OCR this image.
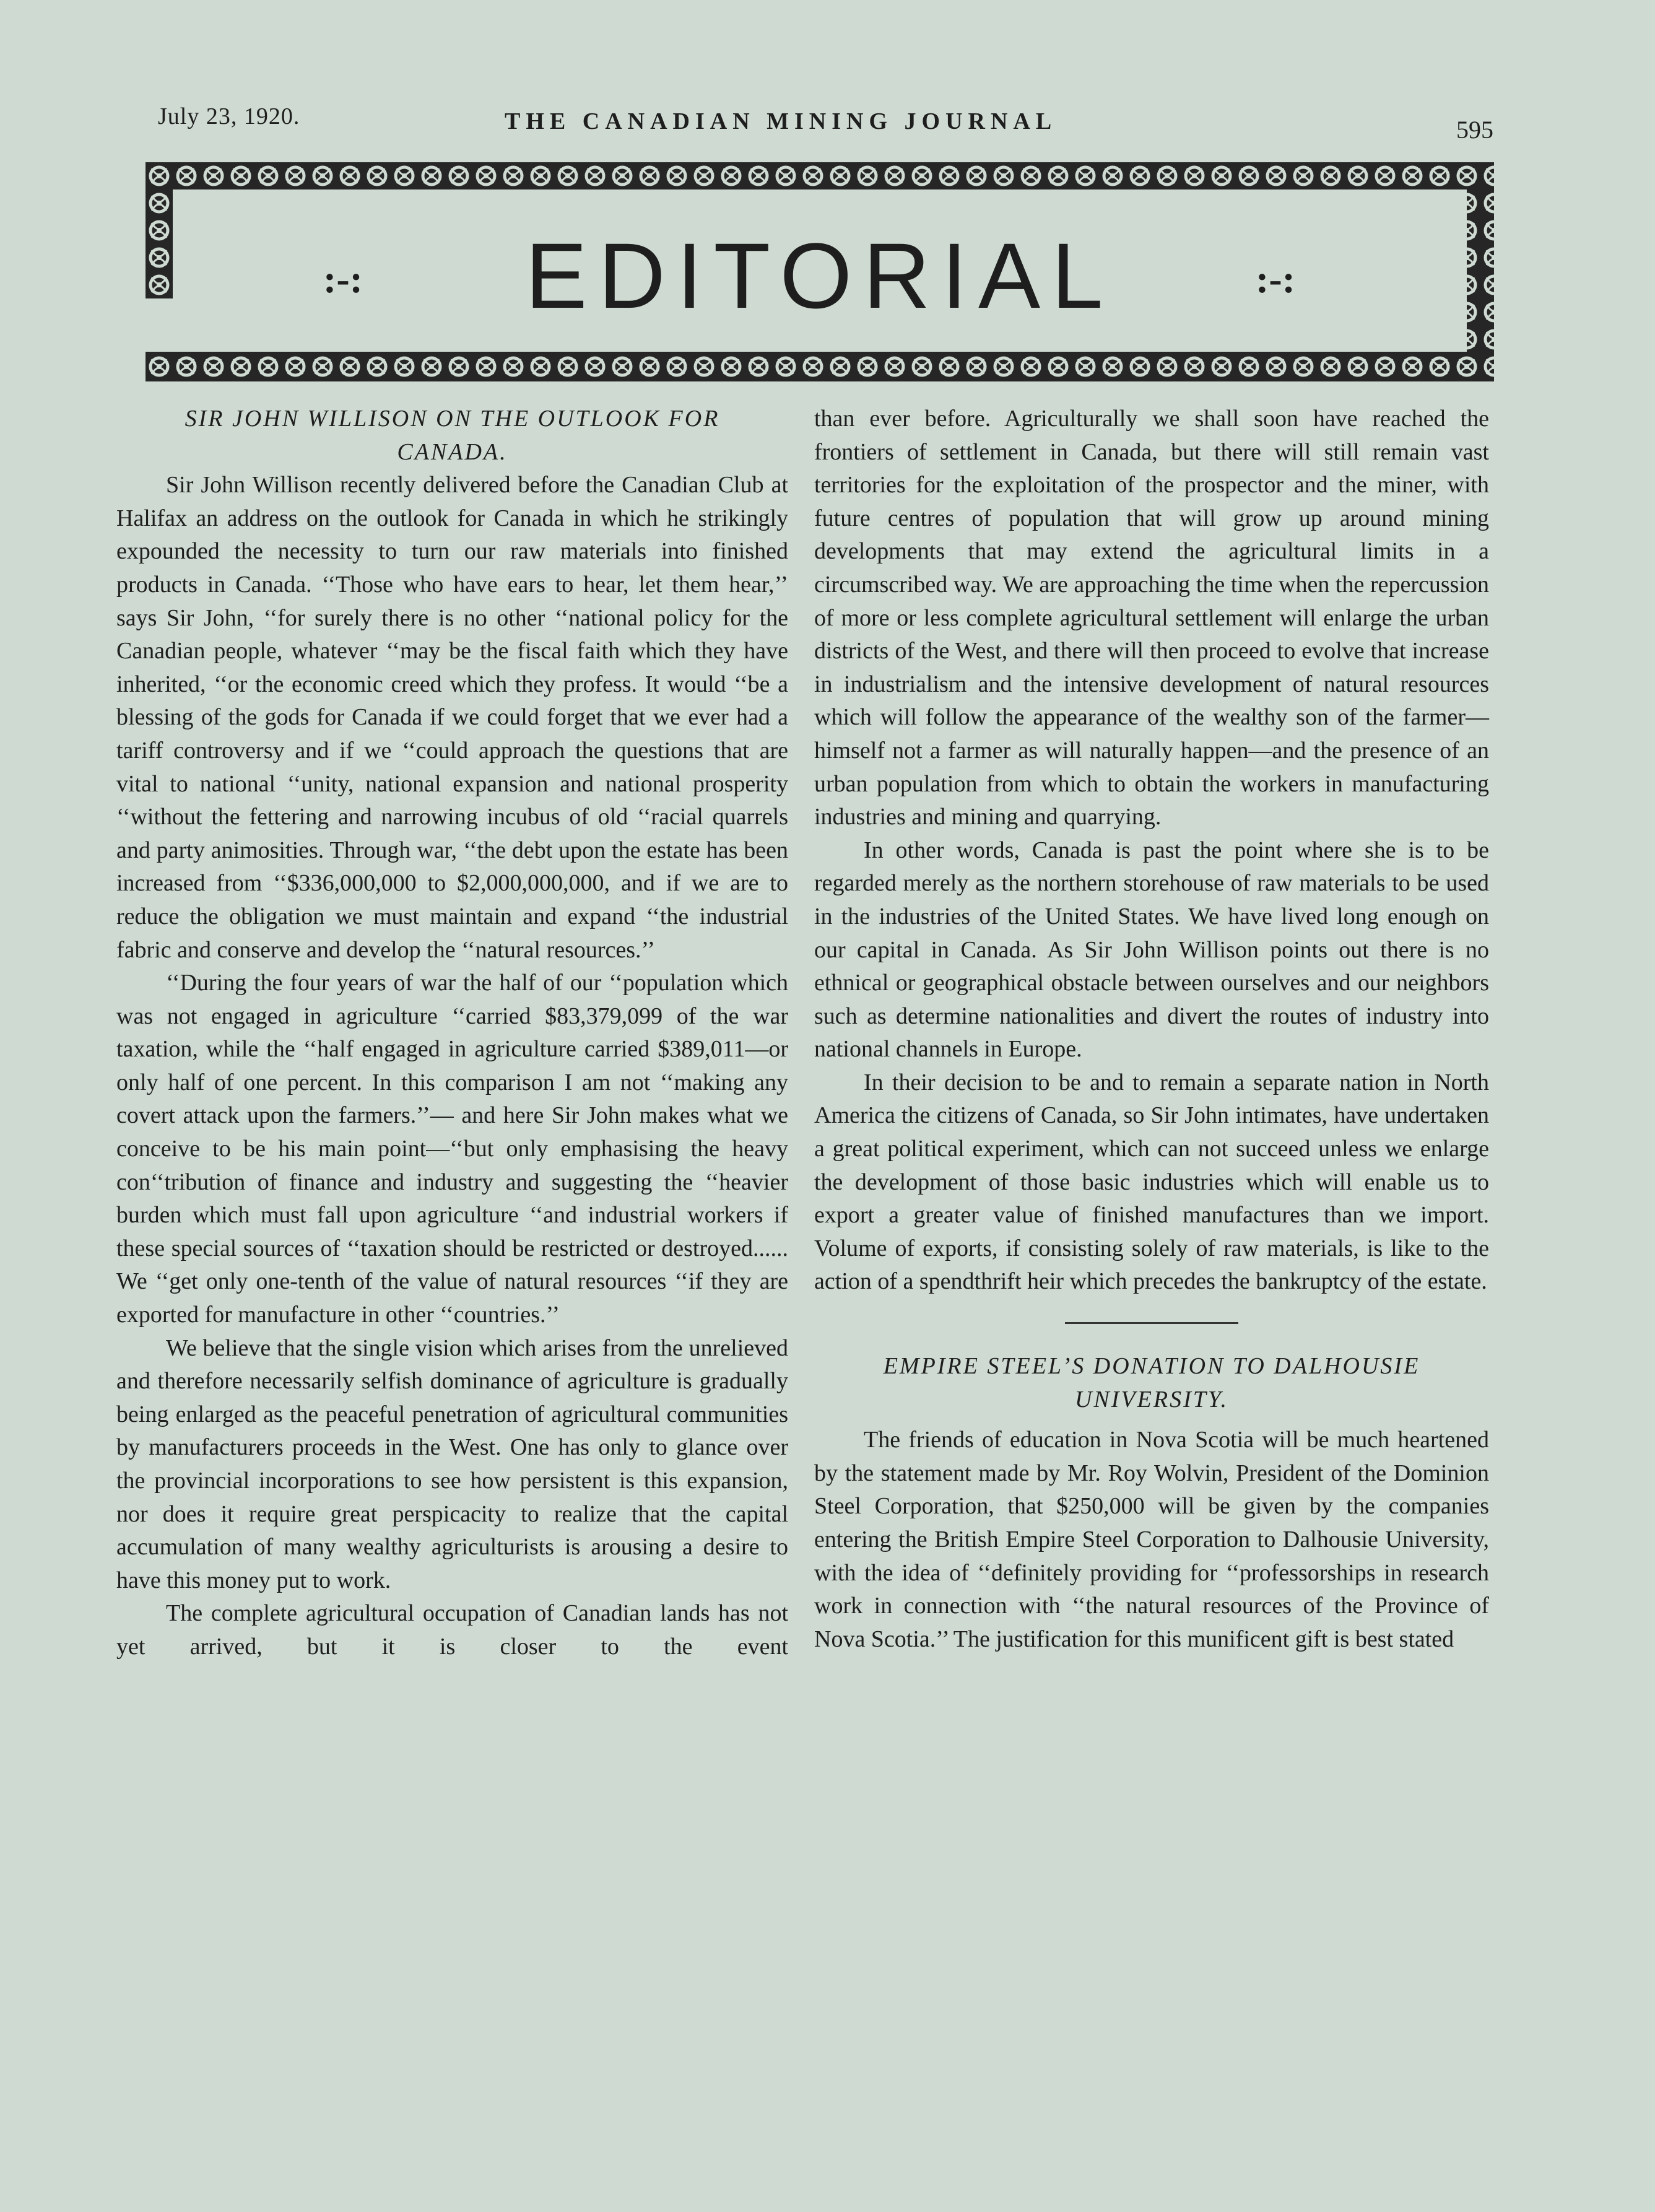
July 23, 1920.	THE CANADIAN MINING JOURNAL	595
:-:	EDITORIAL	:-:
SIR JOHN WILLISON ON THE OUTLOOK FOR CANADA.

Sir John Willison recently delivered before the Canadian Club at Halifax an address on the outlook for Canada in which he strikingly expounded the necessity to turn our raw materials into finished products in Canada. ‘‘Those who have ears to hear, let them hear,’’ says Sir John, ‘‘for surely there is no other ‘‘national policy for the Canadian people, whatever ‘‘may be the fiscal faith which they have inherited, ‘‘or the economic creed which they profess. It would ‘‘be a blessing of the gods for Canada if we could forget that we ever had a tariff controversy and if we ‘‘could approach the questions that are vital to national ‘‘unity, national expansion and national prosperity ‘‘without the fettering and narrowing incubus of old ‘‘racial quarrels and party animosities. Through war, ‘‘the debt upon the estate has been increased from ‘‘$336,000,000 to $2,000,000,000, and if we are to reduce the obligation we must maintain and expand ‘‘the industrial fabric and conserve and develop the ‘‘natural resources.’’

‘‘During the four years of war the half of our ‘‘population which was not engaged in agriculture ‘‘carried $83,379,099 of the war taxation, while the ‘‘half engaged in agriculture carried $389,011—or only half of one percent. In this comparison I am not ‘‘making any covert attack upon the farmers.’’— and here Sir John makes what we conceive to be his main point—‘‘but only emphasising the heavy con‘‘tribution of finance and industry and suggesting the ‘‘heavier burden which must fall upon agriculture ‘‘and industrial workers if these special sources of ‘‘taxation should be restricted or destroyed...... We ‘‘get only one-tenth of the value of natural resources ‘‘if they are exported for manufacture in other ‘‘countries.’’

We believe that the single vision which arises from the unrelieved and therefore necessarily selfish dominance of agriculture is gradually being enlarged as the peaceful penetration of agricultural communities by manufacturers proceeds in the West. One has only to glance over the provincial incorporations to see how persistent is this expansion, nor does it require great perspicacity to realize that the capital accumulation of many wealthy agriculturists is arousing a desire to have this money put to work.

The complete agricultural occupation of Canadian lands has not yet arrived, but it is closer to the event

than ever before. Agriculturally we shall soon have reached the frontiers of settlement in Canada, but there will still remain vast territories for the exploitation of the prospector and the miner, with future centres of population that will grow up around mining developments that may extend the agricultural limits in a circumscribed way. We are approaching the time when the repercussion of more or less complete agricultural settlement will enlarge the urban districts of the West, and there will then proceed to evolve that increase in industrialism and the intensive development of natural resources which will follow the appearance of the wealthy son of the farmer—himself not a farmer as will naturally happen—and the presence of an urban population from which to obtain the workers in manufacturing industries and mining and quarrying.

In other words, Canada is past the point where she is to be regarded merely as the northern storehouse of raw materials to be used in the industries of the United States. We have lived long enough on our capital in Canada. As Sir John Willison points out there is no ethnical or geographical obstacle between ourselves and our neighbors such as determine nationalities and divert the routes of industry into national channels in Europe.

In their decision to be and to remain a separate nation in North America the citizens of Canada, so Sir John intimates, have undertaken a great political experiment, which can not succeed unless we enlarge the development of those basic industries which will enable us to export a greater value of finished manufactures than we import. Volume of exports, if consisting solely of raw materials, is like to the action of a spendthrift heir which precedes the bankruptcy of the estate.

EMPIRE STEEL’S DONATION TO DALHOUSIE UNIVERSITY.

The friends of education in Nova Scotia will be much heartened by the statement made by Mr. Roy Wolvin, President of the Dominion Steel Corporation, that $250,000 will be given by the companies entering the British Empire Steel Corporation to Dalhousie University, with the idea of ‘‘definitely providing for ‘‘professorships in research work in connection with ‘‘the natural resources of the Province of Nova Scotia.’’ The justification for this munificent gift is best stated
